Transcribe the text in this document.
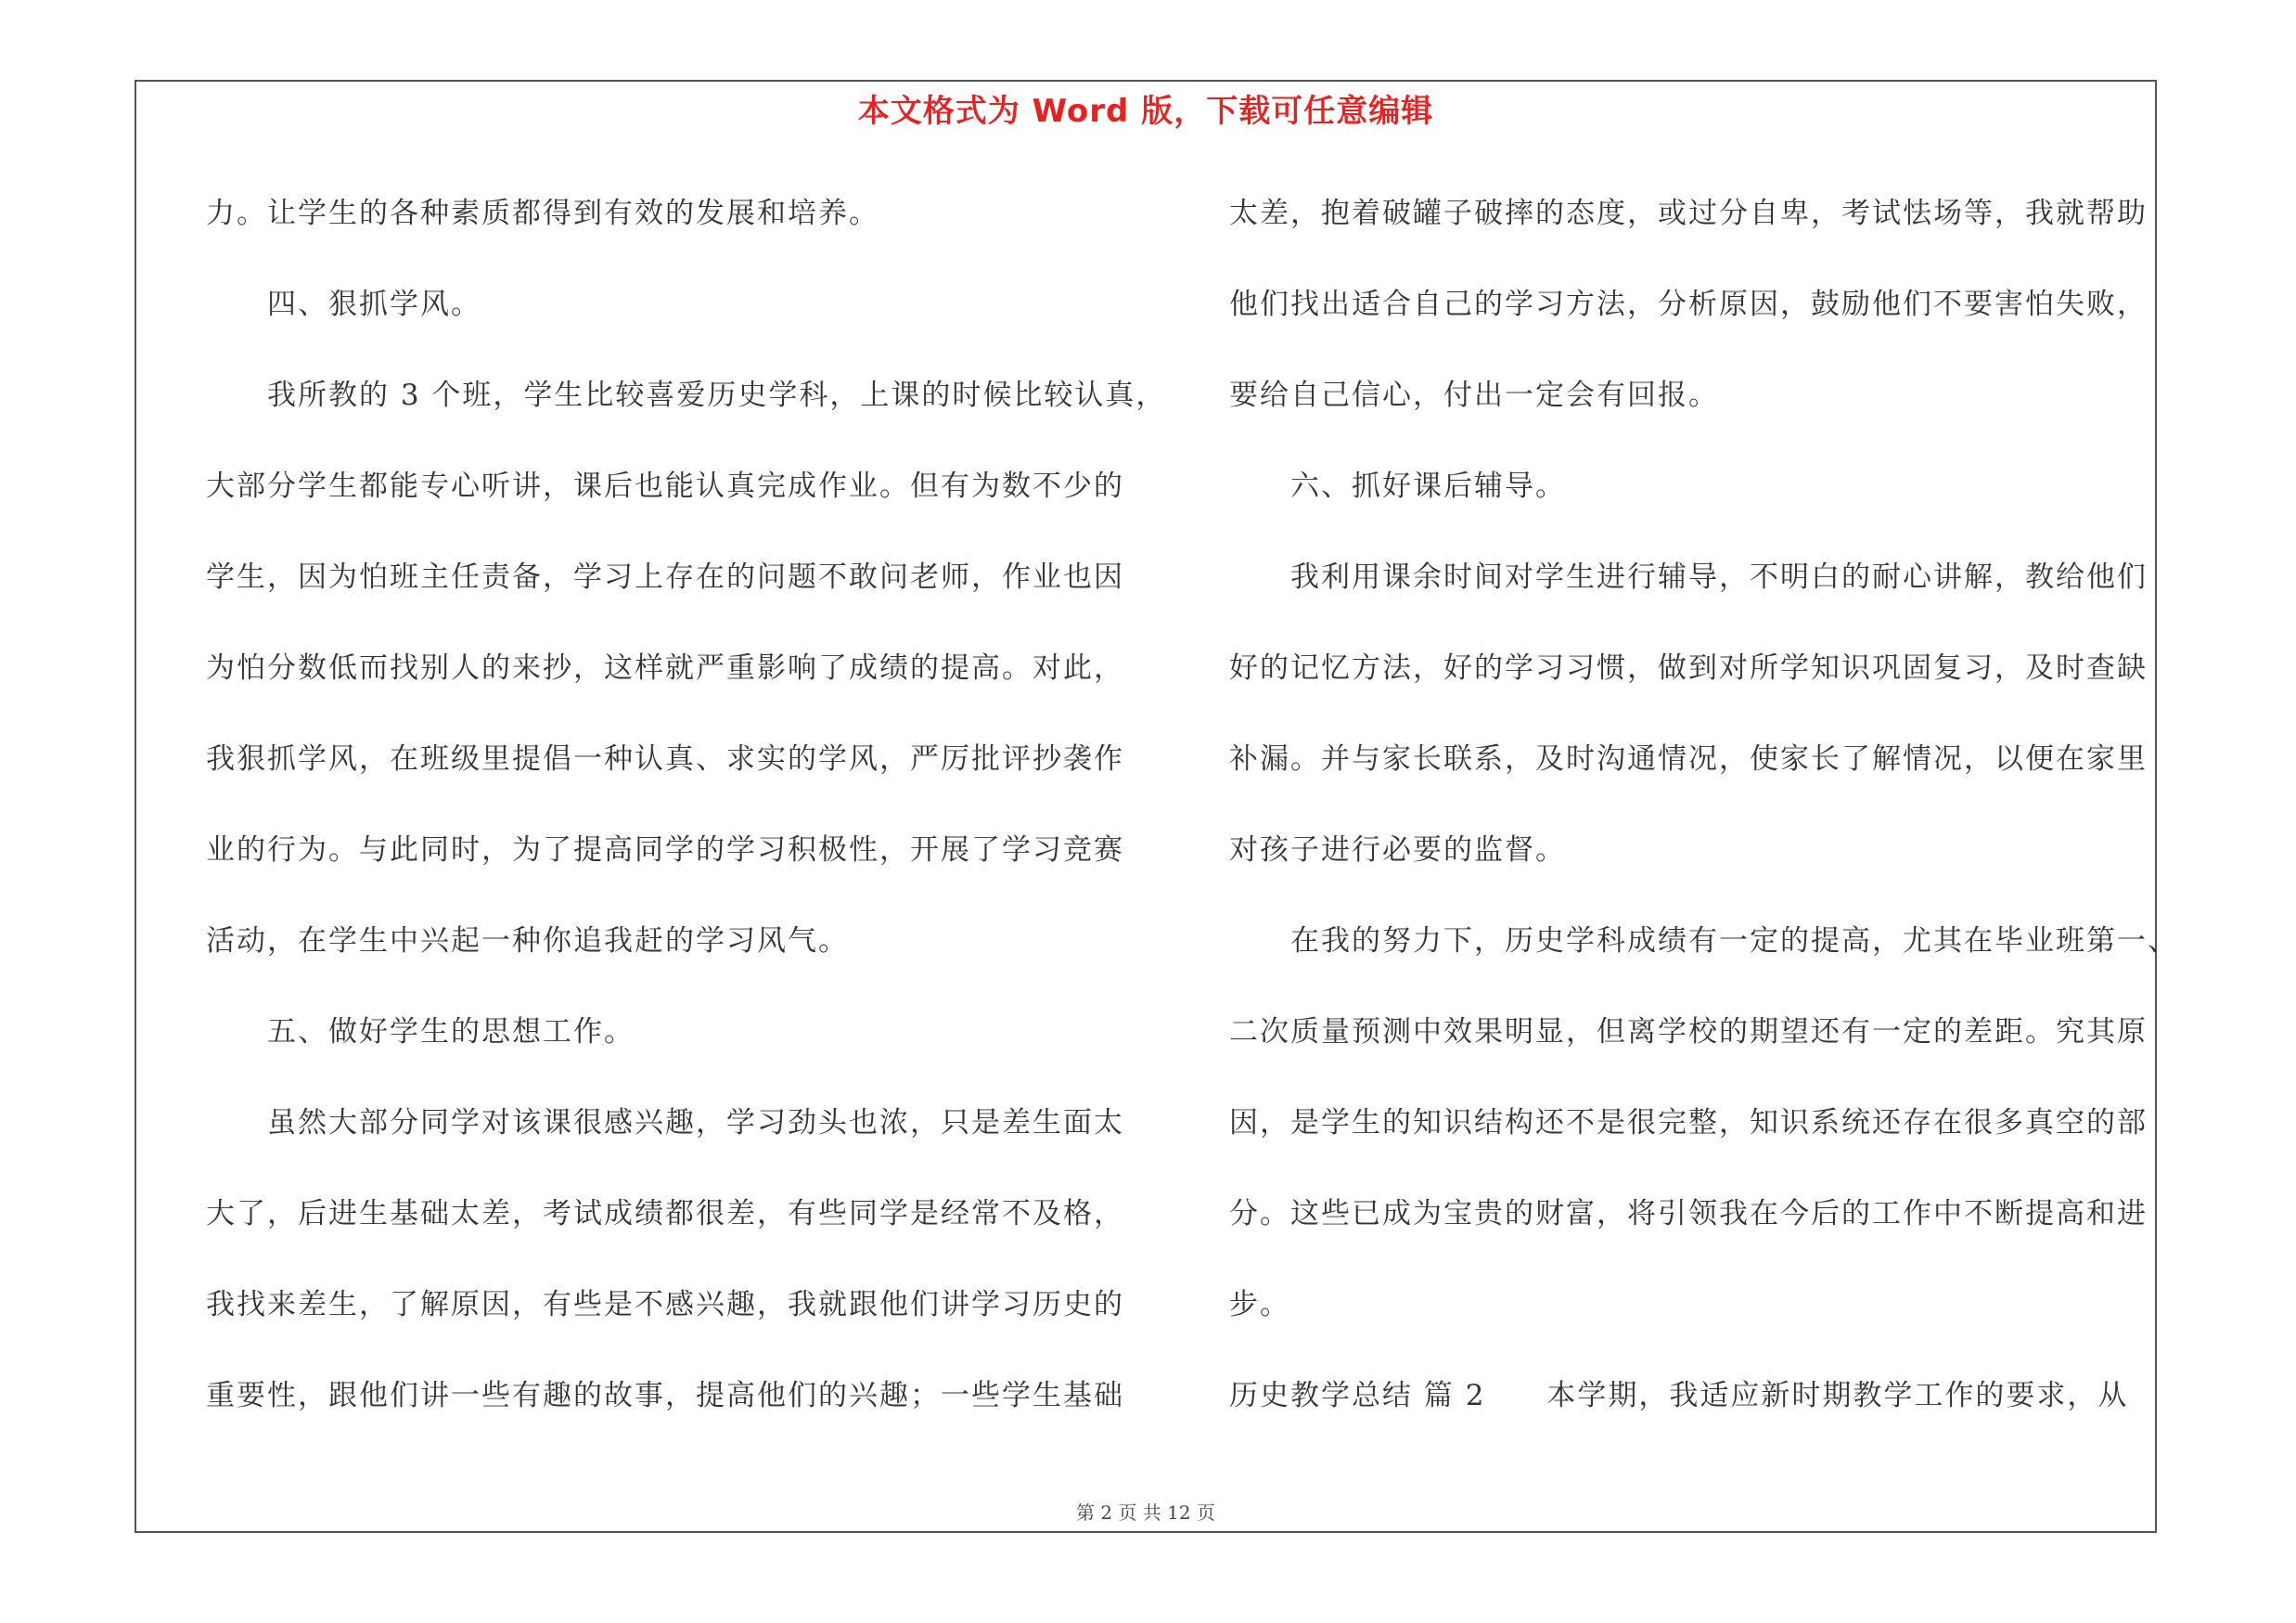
本文格式为 Word 版，下载可任意编辑
力。让学生的各种素质都得到有效的发展和培养。
　　四、狠抓学风。
　　我所教的 3 个班，学生比较喜爱历史学科，上课的时候比较认真，
大部分学生都能专心听讲，课后也能认真完成作业。但有为数不少的
学生，因为怕班主任责备，学习上存在的问题不敢问老师，作业也因
为怕分数低而找别人的来抄，这样就严重影响了成绩的提高。对此，
我狠抓学风，在班级里提倡一种认真、求实的学风，严厉批评抄袭作
业的行为。与此同时，为了提高同学的学习积极性，开展了学习竞赛
活动，在学生中兴起一种你追我赶的学习风气。
　　五、做好学生的思想工作。
　　虽然大部分同学对该课很感兴趣，学习劲头也浓，只是差生面太
大了，后进生基础太差，考试成绩都很差，有些同学是经常不及格，
我找来差生，了解原因，有些是不感兴趣，我就跟他们讲学习历史的
重要性，跟他们讲一些有趣的故事，提高他们的兴趣；一些学生基础
太差，抱着破罐子破摔的态度，或过分自卑，考试怯场等，我就帮助
他们找出适合自己的学习方法，分析原因，鼓励他们不要害怕失败，
要给自己信心，付出一定会有回报。
　　六、抓好课后辅导。
　　我利用课余时间对学生进行辅导，不明白的耐心讲解，教给他们
好的记忆方法，好的学习习惯，做到对所学知识巩固复习，及时查缺
补漏。并与家长联系，及时沟通情况，使家长了解情况，以便在家里
对孩子进行必要的监督。
　　在我的努力下，历史学科成绩有一定的提高，尤其在毕业班第一、
二次质量预测中效果明显，但离学校的期望还有一定的差距。究其原
因，是学生的知识结构还不是很完整，知识系统还存在很多真空的部
分。这些已成为宝贵的财富，将引领我在今后的工作中不断提高和进
步。
历史教学总结 篇 2　　本学期，我适应新时期教学工作的要求，从
第 2 页 共 12 页
